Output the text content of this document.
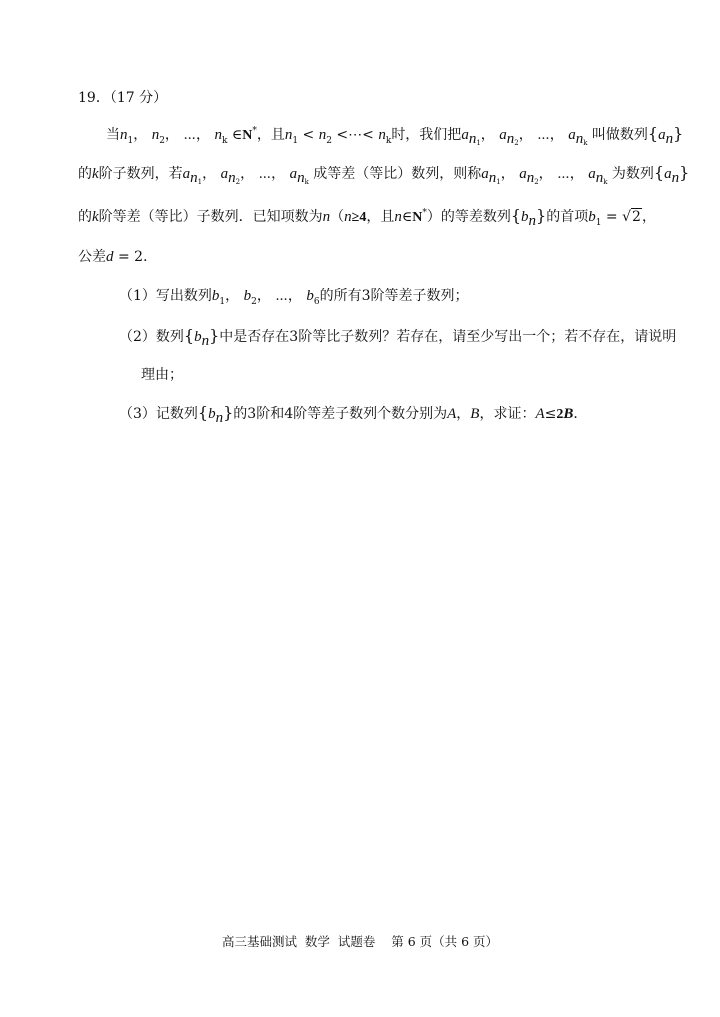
19．（17 分）
当$n_1$， $n_2$， ⋯， $n_k$ ∈N*，且$n_1 < n_2$ <⋯< $n_k$时，我们把$a_{n_1}$， $a_{n_2}$， ⋯， $a_{n_k}$ 叫做数列$\{a_n\}$
的k阶子数列，若$a_{n_1}$， $a_{n_2}$， ⋯， $a_{n_k}$ 成等差（等比）数列，则称$a_{n_1}$， $a_{n_2}$， ⋯， $a_{n_k}$ 为数列$\{a_n\}$
的k阶等差（等比）子数列．已知项数为n（n≥4，且n∈N*）的等差数列$\{b_n\}$的首项$b_1 = √2$，
公差d = 2．
（1）写出数列$b_1$， $b_2$， ⋯， $b_6$的所有3阶等差子数列；
（2）数列$\{b_n\}$中是否存在3阶等比子数列？若存在，请至少写出一个；若不存在，请说明
理由；
（3）记数列$\{b_n\}$的3阶和4阶等差子数列个数分别为A，B，求证：A≤2B．
高三基础测试  数学  试题卷    第 6 页（共 6 页）
